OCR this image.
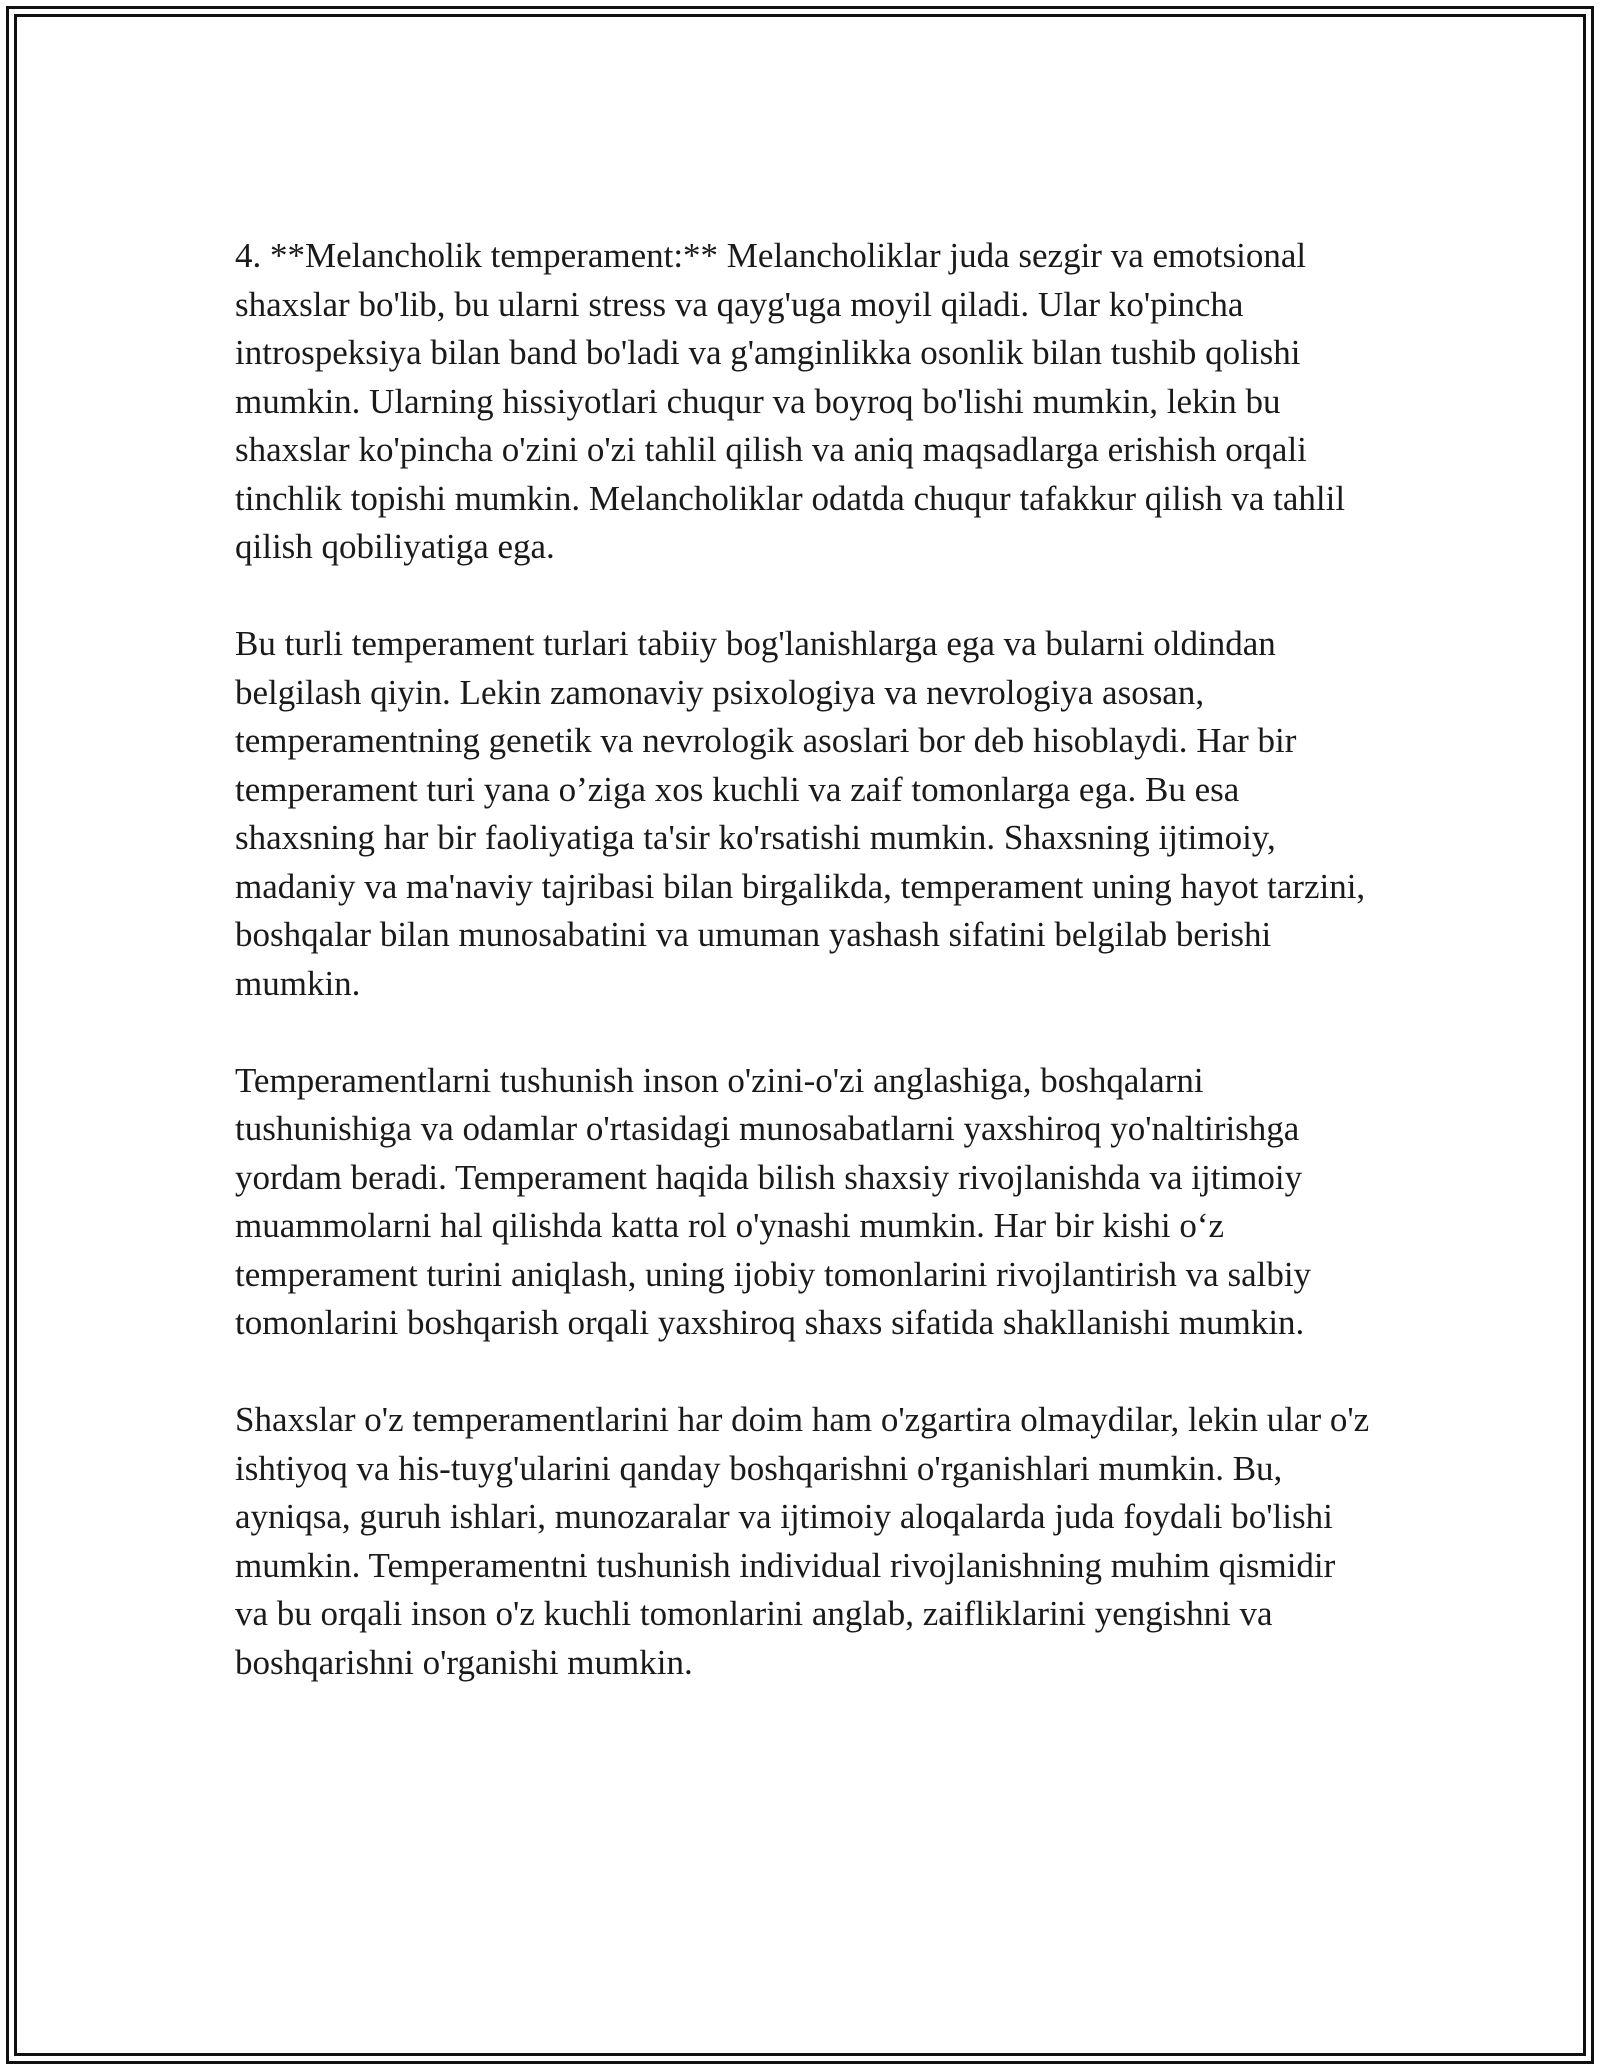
4. **Melancholik temperament:** Melancholiklar juda sezgir va emotsional shaxslar bo'lib, bu ularni stress va qayg'uga moyil qiladi. Ular ko'pincha introspeksiya bilan band bo'ladi va g'amginlikka osonlik bilan tushib qolishi mumkin. Ularning hissiyotlari chuqur va boyroq bo'lishi mumkin, lekin bu shaxslar ko'pincha o'zini o'zi tahlil qilish va aniq maqsadlarga erishish orqali tinchlik topishi mumkin. Melancholiklar odatda chuqur tafakkur qilish va tahlil qilish qobiliyatiga ega.

Bu turli temperament turlari tabiiy bog'lanishlarga ega va bularni oldindan belgilash qiyin. Lekin zamonaviy psixologiya va nevrologiya asosan, temperamentning genetik va nevrologik asoslari bor deb hisoblaydi. Har bir temperament turi yana o’ziga xos kuchli va zaif tomonlarga ega. Bu esa shaxsning har bir faoliyatiga ta'sir ko'rsatishi mumkin. Shaxsning ijtimoiy, madaniy va ma'naviy tajribasi bilan birgalikda, temperament uning hayot tarzini, boshqalar bilan munosabatini va umuman yashash sifatini belgilab berishi mumkin.

Temperamentlarni tushunish inson o'zini-o'zi anglashiga, boshqalarni tushunishiga va odamlar o'rtasidagi munosabatlarni yaxshiroq yo'naltirishga yordam beradi. Temperament haqida bilish shaxsiy rivojlanishda va ijtimoiy muammolarni hal qilishda katta rol o'ynashi mumkin. Har bir kishi o‘z temperament turini aniqlash, uning ijobiy tomonlarini rivojlantirish va salbiy tomonlarini boshqarish orqali yaxshiroq shaxs sifatida shakllanishi mumkin.

Shaxslar o'z temperamentlarini har doim ham o'zgartira olmaydilar, lekin ular o'z ishtiyoq va his-tuyg'ularini qanday boshqarishni o'rganishlari mumkin. Bu, ayniqsa, guruh ishlari, munozaralar va ijtimoiy aloqalarda juda foydali bo'lishi mumkin. Temperamentni tushunish individual rivojlanishning muhim qismidir va bu orqali inson o'z kuchli tomonlarini anglab, zaifliklarini yengishni va boshqarishni o'rganishi mumkin.
